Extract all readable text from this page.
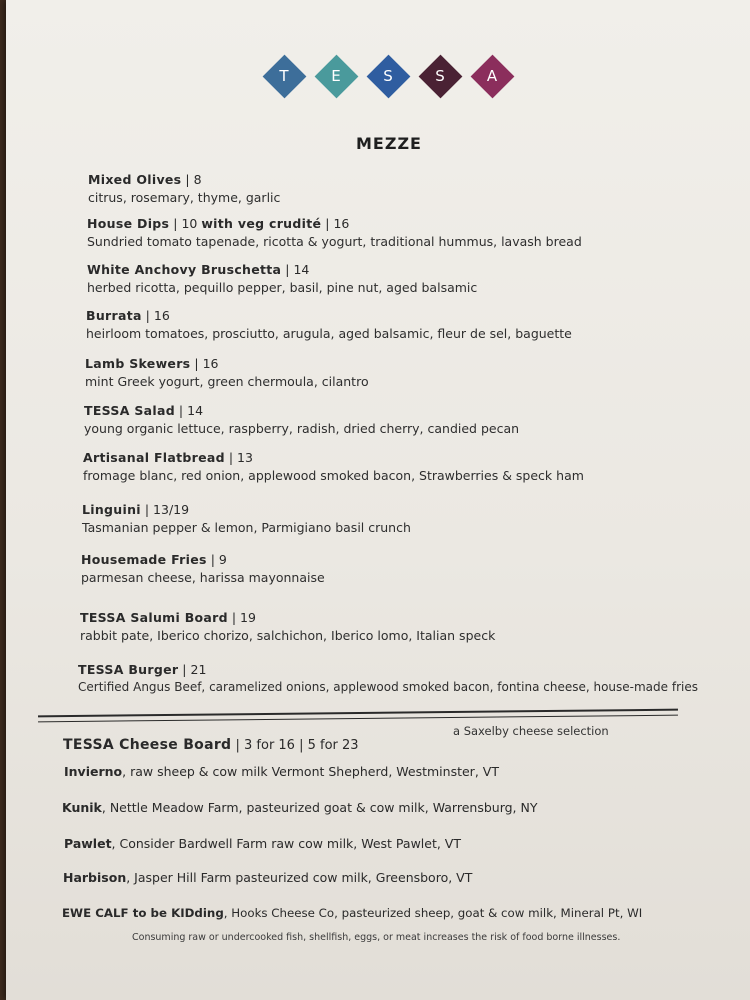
T	E	S	S	A
MEZZE
Mixed Olives | 8
citrus, rosemary, thyme, garlic
House Dips | 10 with veg crudité | 16
Sundried tomato tapenade, ricotta & yogurt, traditional hummus, lavash bread
White Anchovy Bruschetta | 14
herbed ricotta, pequillo pepper, basil, pine nut, aged balsamic
Burrata | 16
heirloom tomatoes, prosciutto, arugula, aged balsamic, fleur de sel, baguette
Lamb Skewers | 16
mint Greek yogurt, green chermoula, cilantro
TESSA Salad | 14
young organic lettuce, raspberry, radish, dried cherry, candied pecan
Artisanal Flatbread | 13
fromage blanc, red onion, applewood smoked bacon, Strawberries & speck ham
Linguini | 13/19
Tasmanian pepper & lemon, Parmigiano basil crunch
Housemade Fries | 9
parmesan cheese, harissa mayonnaise
TESSA Salumi Board | 19
rabbit pate, Iberico chorizo, salchichon, Iberico lomo, Italian speck
TESSA Burger | 21
Certified Angus Beef, caramelized onions, applewood smoked bacon, fontina cheese, house-made fries
a Saxelby cheese selection
TESSA Cheese Board | 3 for 16 | 5 for 23
Invierno, raw sheep & cow milk Vermont Shepherd, Westminster, VT
Kunik, Nettle Meadow Farm, pasteurized goat & cow milk, Warrensburg, NY
Pawlet, Consider Bardwell Farm raw cow milk, West Pawlet, VT
Harbison, Jasper Hill Farm pasteurized cow milk, Greensboro, VT
EWE CALF to be KIDding, Hooks Cheese Co, pasteurized sheep, goat & cow milk, Mineral Pt, WI
Consuming raw or undercooked fish, shellfish, eggs, or meat increases the risk of food borne illnesses.
